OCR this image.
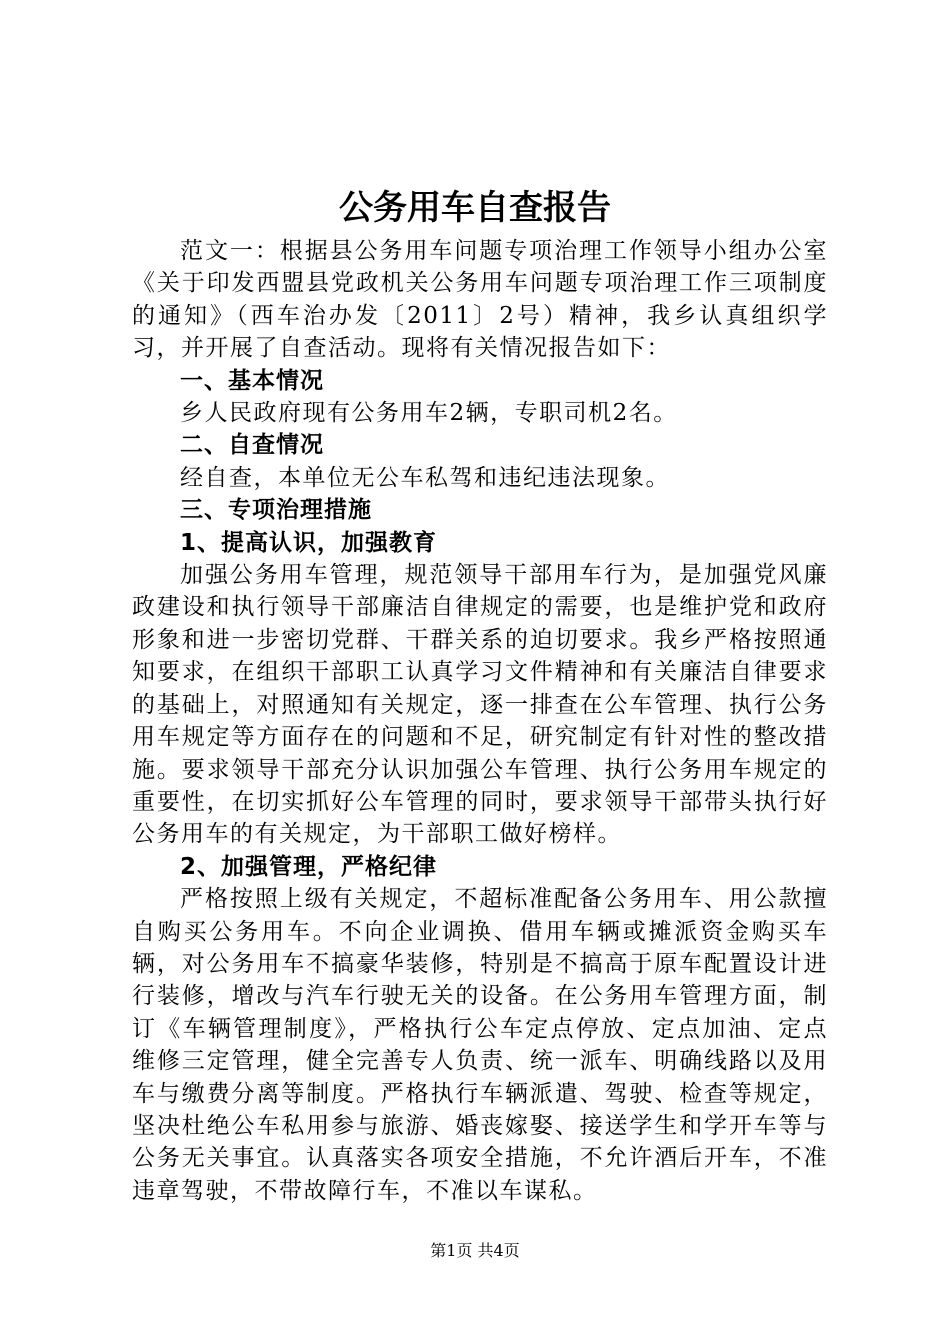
公务用车自查报告

范文一：根据县公务用车问题专项治理工作领导小组办公室《关于印发西盟县党政机关公务用车问题专项治理工作三项制度的通知》（西车治办发〔2011〕2号）精神，我乡认真组织学习，并开展了自查活动。现将有关情况报告如下：

一、基本情况

乡人民政府现有公务用车2辆，专职司机2名。

二、自查情况

经自查，本单位无公车私驾和违纪违法现象。

三、专项治理措施

1、提高认识，加强教育

加强公务用车管理，规范领导干部用车行为，是加强党风廉政建设和执行领导干部廉洁自律规定的需要，也是维护党和政府形象和进一步密切党群、干群关系的迫切要求。我乡严格按照通知要求，在组织干部职工认真学习文件精神和有关廉洁自律要求的基础上，对照通知有关规定，逐一排查在公车管理、执行公务用车规定等方面存在的问题和不足，研究制定有针对性的整改措施。要求领导干部充分认识加强公车管理、执行公务用车规定的重要性，在切实抓好公车管理的同时，要求领导干部带头执行好公务用车的有关规定，为干部职工做好榜样。

2、加强管理，严格纪律

严格按照上级有关规定，不超标准配备公务用车、用公款擅自购买公务用车。不向企业调换、借用车辆或摊派资金购买车辆，对公务用车不搞豪华装修，特别是不搞高于原车配置设计进行装修，增改与汽车行驶无关的设备。在公务用车管理方面，制订《车辆管理制度》，严格执行公车定点停放、定点加油、定点维修三定管理，健全完善专人负责、统一派车、明确线路以及用车与缴费分离等制度。严格执行车辆派遣、驾驶、检查等规定，坚决杜绝公车私用参与旅游、婚丧嫁娶、接送学生和学开车等与公务无关事宜。认真落实各项安全措施，不允许酒后开车，不准违章驾驶，不带故障行车，不准以车谋私。

第1页 共4页
